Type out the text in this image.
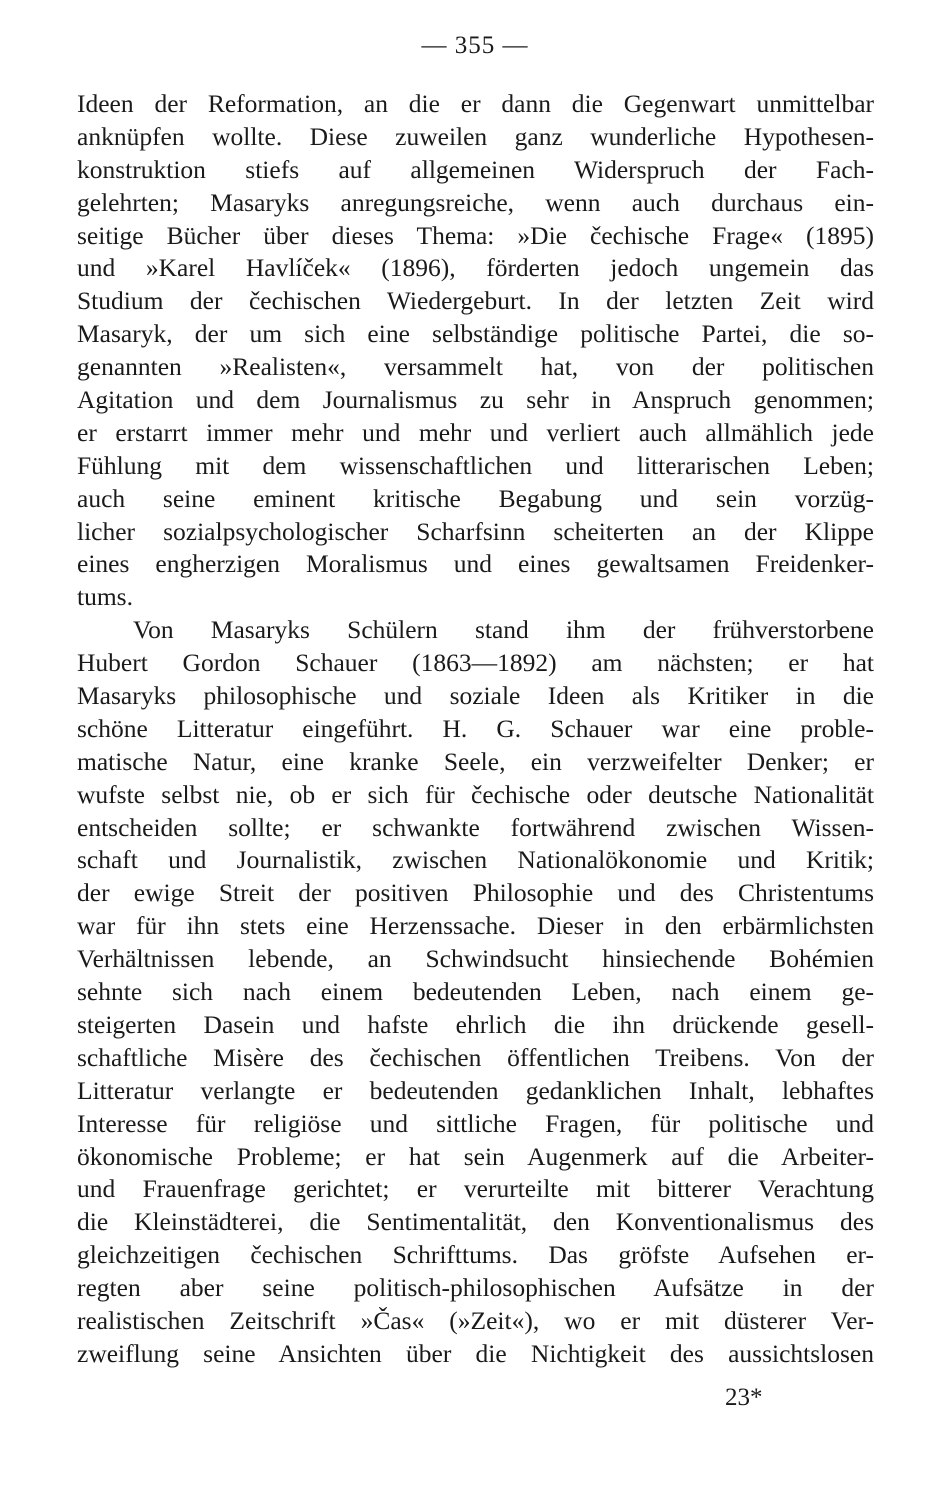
— 355 —
Ideen der Reformation, an die er dann die Gegenwart unmittelbar
anknüpfen wollte. Diese zuweilen ganz wunderliche Hypothesen-
konstruktion stiefs auf allgemeinen Widerspruch der Fach-
gelehrten; Masaryks anregungsreiche, wenn auch durchaus ein-
seitige Bücher über dieses Thema: »Die čechische Frage« (1895)
und »Karel Havlíček« (1896), förderten jedoch ungemein das
Studium der čechischen Wiedergeburt. In der letzten Zeit wird
Masaryk, der um sich eine selbständige politische Partei, die so-
genannten »Realisten«, versammelt hat, von der politischen
Agitation und dem Journalismus zu sehr in Anspruch genommen;
er erstarrt immer mehr und mehr und verliert auch allmählich jede
Fühlung mit dem wissenschaftlichen und litterarischen Leben;
auch seine eminent kritische Begabung und sein vorzüg-
licher sozialpsychologischer Scharfsinn scheiterten an der Klippe
eines engherzigen Moralismus und eines gewaltsamen Freidenker-
tums.
Von Masaryks Schülern stand ihm der frühverstorbene
Hubert Gordon Schauer (1863—1892) am nächsten; er hat
Masaryks philosophische und soziale Ideen als Kritiker in die
schöne Litteratur eingeführt. H. G. Schauer war eine proble-
matische Natur, eine kranke Seele, ein verzweifelter Denker; er
wufste selbst nie, ob er sich für čechische oder deutsche Nationalität
entscheiden sollte; er schwankte fortwährend zwischen Wissen-
schaft und Journalistik, zwischen Nationalökonomie und Kritik;
der ewige Streit der positiven Philosophie und des Christentums
war für ihn stets eine Herzenssache. Dieser in den erbärmlichsten
Verhältnissen lebende, an Schwindsucht hinsiechende Bohémien
sehnte sich nach einem bedeutenden Leben, nach einem ge-
steigerten Dasein und hafste ehrlich die ihn drückende gesell-
schaftliche Misère des čechischen öffentlichen Treibens. Von der
Litteratur verlangte er bedeutenden gedanklichen Inhalt, lebhaftes
Interesse für religiöse und sittliche Fragen, für politische und
ökonomische Probleme; er hat sein Augenmerk auf die Arbeiter-
und Frauenfrage gerichtet; er verurteilte mit bitterer Verachtung
die Kleinstädterei, die Sentimentalität, den Konventionalismus des
gleichzeitigen čechischen Schrifttums. Das gröfste Aufsehen er-
regten aber seine politisch-philosophischen Aufsätze in der
realistischen Zeitschrift »Čas« (»Zeit«), wo er mit düsterer Ver-
zweiflung seine Ansichten über die Nichtigkeit des aussichtslosen
23*
